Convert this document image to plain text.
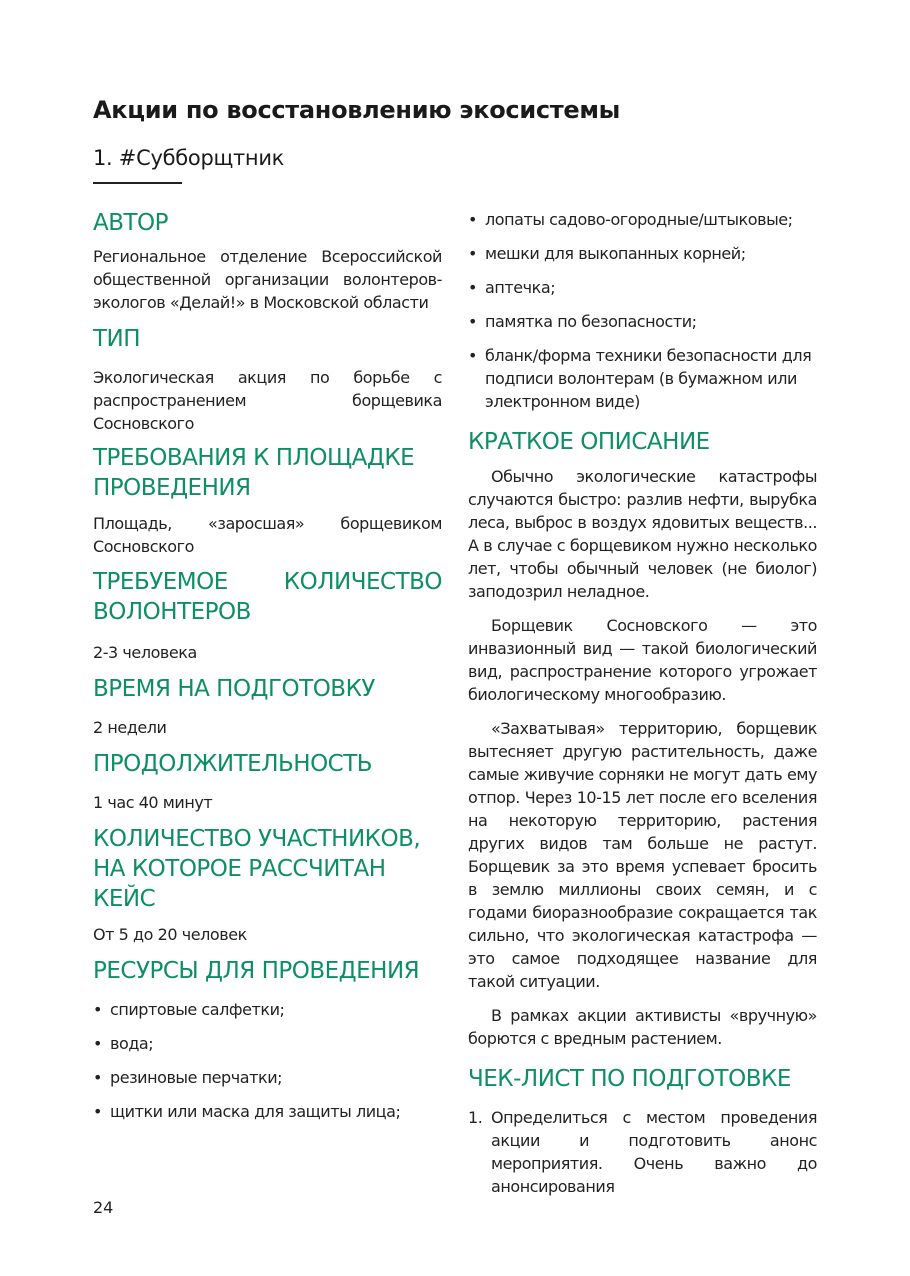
Акции по восстановлению экосистемы
1. #Субборщтник
АВТОР

Региональное отделение Всероссийской общественной организации волонтеров-экологов «Делай!» в Московской области

ТИП

Экологическая акция по борьбе с распространением борщевика Сосновского

ТРЕБОВАНИЯ К ПЛОЩАДКЕ ПРОВЕДЕНИЯ

Площадь, «заросшая» борщевиком Сосновского

ТРЕБУЕМОЕ КОЛИЧЕСТВО ВОЛОНТЕРОВ

2-3 человека

ВРЕМЯ НА ПОДГОТОВКУ

2 недели

ПРОДОЛЖИТЕЛЬНОСТЬ

1 час 40 минут

КОЛИЧЕСТВО УЧАСТНИКОВ, НА КОТОРОЕ РАССЧИТАН КЕЙС

От 5 до 20 человек

РЕСУРСЫ ДЛЯ ПРОВЕДЕНИЯ
• спиртовые салфетки;
• вода;
• резиновые перчатки;
• щитки или маска для защиты лица;
• лопаты садово-огородные/штыковые;
• мешки для выкопанных корней;
• аптечка;
• памятка по безопасности;
• бланк/форма техники безопасности для подписи волонтерам (в бумажном или электронном виде)
КРАТКОЕ ОПИСАНИЕ

Обычно экологические катастрофы случаются быстро: разлив нефти, вырубка леса, выброс в воздух ядовитых веществ... А в случае с борщевиком нужно несколько лет, чтобы обычный человек (не биолог) заподозрил неладное.

Борщевик Сосновского — это инвазионный вид — такой биологический вид, распространение которого угрожает биологическому многообразию.

«Захватывая» территорию, борщевик вытесняет другую растительность, даже самые живучие сорняки не могут дать ему отпор. Через 10-15 лет после его вселения на некоторую территорию, растения других видов там больше не растут. Борщевик за это время успевает бросить в землю миллионы своих семян, и с годами биоразнообразие сокращается так сильно, что экологическая катастрофа — это самое подходящее название для такой ситуации.

В рамках акции активисты «вручную» борются с вредным растением.

ЧЕК-ЛИСТ ПО ПОДГОТОВКЕ
1. Определиться с местом проведения акции и подготовить анонс мероприятия. Очень важно до анонсирования
24
